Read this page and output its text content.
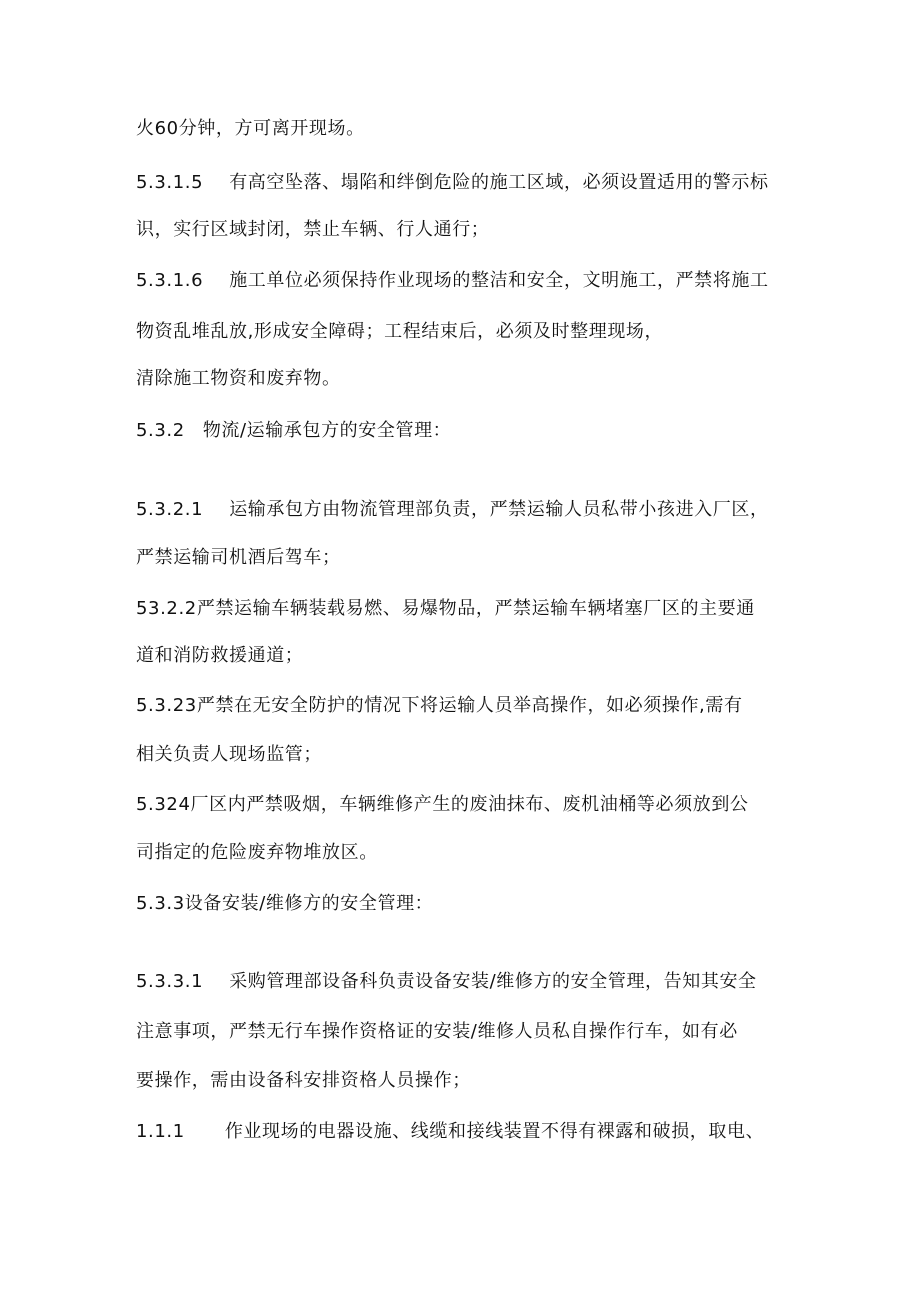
火60分钟，方可离开现场。
5.3.1.5 有高空坠落、塌陷和绊倒危险的施工区域，必须设置适用的警示标
识，实行区域封闭，禁止车辆、行人通行；
5.3.1.6 施工单位必须保持作业现场的整洁和安全，文明施工，严禁将施工
物资乱堆乱放,形成安全障碍；工程结束后，必须及时整理现场，
清除施工物资和废弃物。
5.3.2 物流/运输承包方的安全管理：
5.3.2.1 运输承包方由物流管理部负责，严禁运输人员私带小孩进入厂区，
严禁运输司机酒后驾车；
53.2.2严禁运输车辆装载易燃、易爆物品，严禁运输车辆堵塞厂区的主要通
道和消防救援通道；
5.3.23严禁在无安全防护的情况下将运输人员举高操作，如必须操作,需有
相关负责人现场监管；
5.324厂区内严禁吸烟，车辆维修产生的废油抹布、废机油桶等必须放到公
司指定的危险废弃物堆放区。
5.3.3设备安装/维修方的安全管理：
5.3.3.1 采购管理部设备科负责设备安装/维修方的安全管理，告知其安全
注意事项，严禁无行车操作资格证的安装/维修人员私自操作行车，如有必
要操作，需由设备科安排资格人员操作；
1.1.1 作业现场的电器设施、线缆和接线装置不得有裸露和破损，取电、
